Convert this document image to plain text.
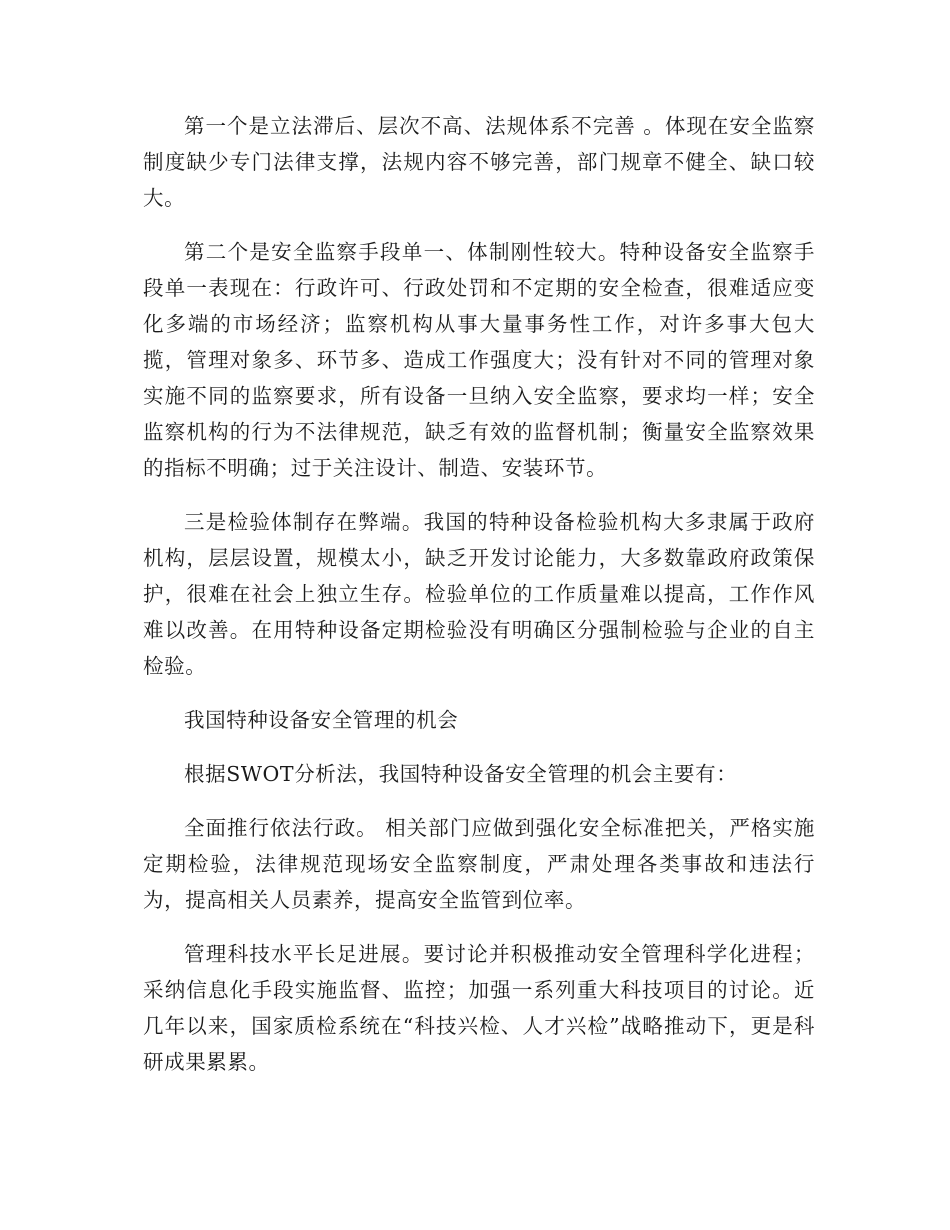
第一个是立法滞后、层次不高、法规体系不完善 。体现在安全监察制度缺少专门法律支撑，法规内容不够完善，部门规章不健全、缺口较大。

第二个是安全监察手段单一、体制刚性较大。特种设备安全监察手段单一表现在：行政许可、行政处罚和不定期的安全检查，很难适应变化多端的市场经济；监察机构从事大量事务性工作，对许多事大包大揽，管理对象多、环节多、造成工作强度大；没有针对不同的管理对象实施不同的监察要求，所有设备一旦纳入安全监察，要求均一样；安全监察机构的行为不法律规范，缺乏有效的监督机制；衡量安全监察效果的指标不明确；过于关注设计、制造、安装环节。

三是检验体制存在弊端。我国的特种设备检验机构大多隶属于政府机构，层层设置，规模太小，缺乏开发讨论能力，大多数靠政府政策保护，很难在社会上独立生存。检验单位的工作质量难以提高，工作作风难以改善。在用特种设备定期检验没有明确区分强制检验与企业的自主检验。

我国特种设备安全管理的机会

根据SWOT分析法，我国特种设备安全管理的机会主要有：

全面推行依法行政。 相关部门应做到强化安全标准把关，严格实施定期检验，法律规范现场安全监察制度，严肃处理各类事故和违法行为，提高相关人员素养，提高安全监管到位率。

管理科技水平长足进展。要讨论并积极推动安全管理科学化进程；采纳信息化手段实施监督、监控；加强一系列重大科技项目的讨论。近几年以来，国家质检系统在“科技兴检、人才兴检”战略推动下，更是科研成果累累。
